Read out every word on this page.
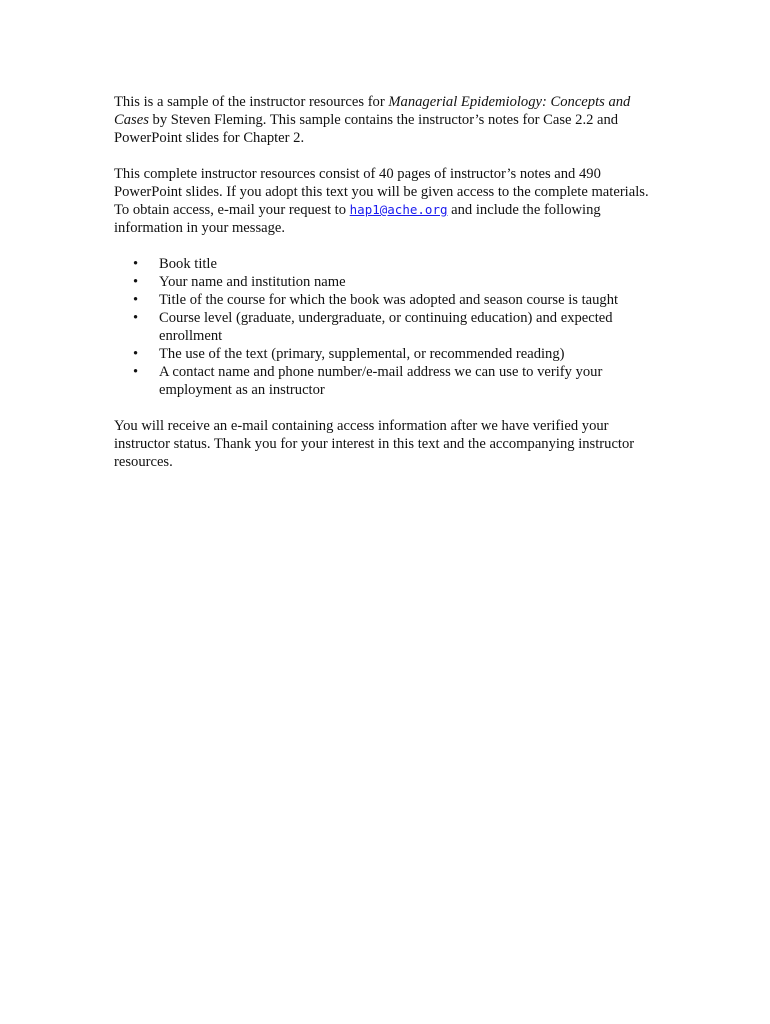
This is a sample of the instructor resources for Managerial Epidemiology: Concepts and Cases by Steven Fleming. This sample contains the instructor’s notes for Case 2.2 and PowerPoint slides for Chapter 2.

This complete instructor resources consist of 40 pages of instructor’s notes and 490 PowerPoint slides. If you adopt this text you will be given access to the complete materials. To obtain access, e-mail your request to hap1@ache.org and include the following information in your message.

• Book title
• Your name and institution name
• Title of the course for which the book was adopted and season course is taught
• Course level (graduate, undergraduate, or continuing education) and expected enrollment
• The use of the text (primary, supplemental, or recommended reading)
• A contact name and phone number/e-mail address we can use to verify your employment as an instructor

You will receive an e-mail containing access information after we have verified your instructor status. Thank you for your interest in this text and the accompanying instructor resources.
